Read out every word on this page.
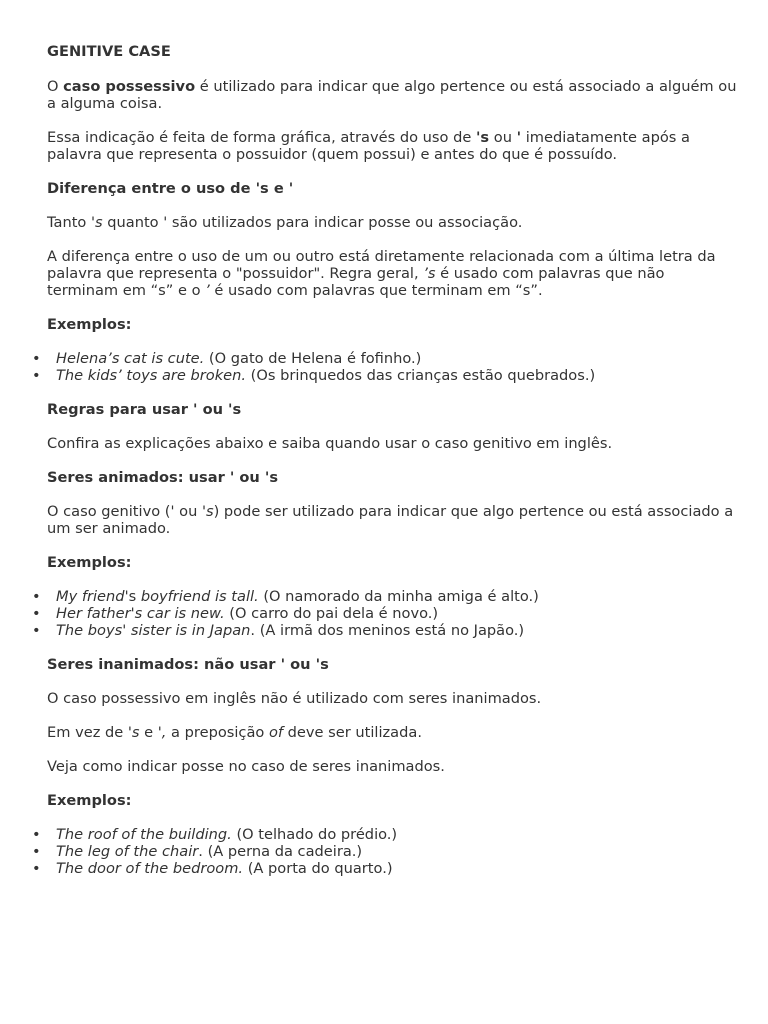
GENITIVE CASE

O caso possessivo é utilizado para indicar que algo pertence ou está associado a alguém ou a alguma coisa.

Essa indicação é feita de forma gráfica, através do uso de 's ou ' imediatamente após a palavra que representa o possuidor (quem possui) e antes do que é possuído.

Diferença entre o uso de 's e '

Tanto 's quanto ' são utilizados para indicar posse ou associação.

A diferença entre o uso de um ou outro está diretamente relacionada com a última letra da palavra que representa o "possuidor". Regra geral, ’s é usado com palavras que não terminam em “s” e o ’ é usado com palavras que terminam em “s”.

Exemplos:
• Helena’s cat is cute. (O gato de Helena é fofinho.)
• The kids’ toys are broken. (Os brinquedos das crianças estão quebrados.)
Regras para usar ' ou 's

Confira as explicações abaixo e saiba quando usar o caso genitivo em inglês.

Seres animados: usar ' ou 's

O caso genitivo (' ou 's) pode ser utilizado para indicar que algo pertence ou está associado a um ser animado.

Exemplos:
• My friend's boyfriend is tall. (O namorado da minha amiga é alto.)
• Her father's car is new. (O carro do pai dela é novo.)
• The boys' sister is in Japan. (A irmã dos meninos está no Japão.)
Seres inanimados: não usar ' ou 's

O caso possessivo em inglês não é utilizado com seres inanimados.

Em vez de 's e ', a preposição of deve ser utilizada.

Veja como indicar posse no caso de seres inanimados.

Exemplos:
• The roof of the building. (O telhado do prédio.)
• The leg of the chair. (A perna da cadeira.)
• The door of the bedroom. (A porta do quarto.)
